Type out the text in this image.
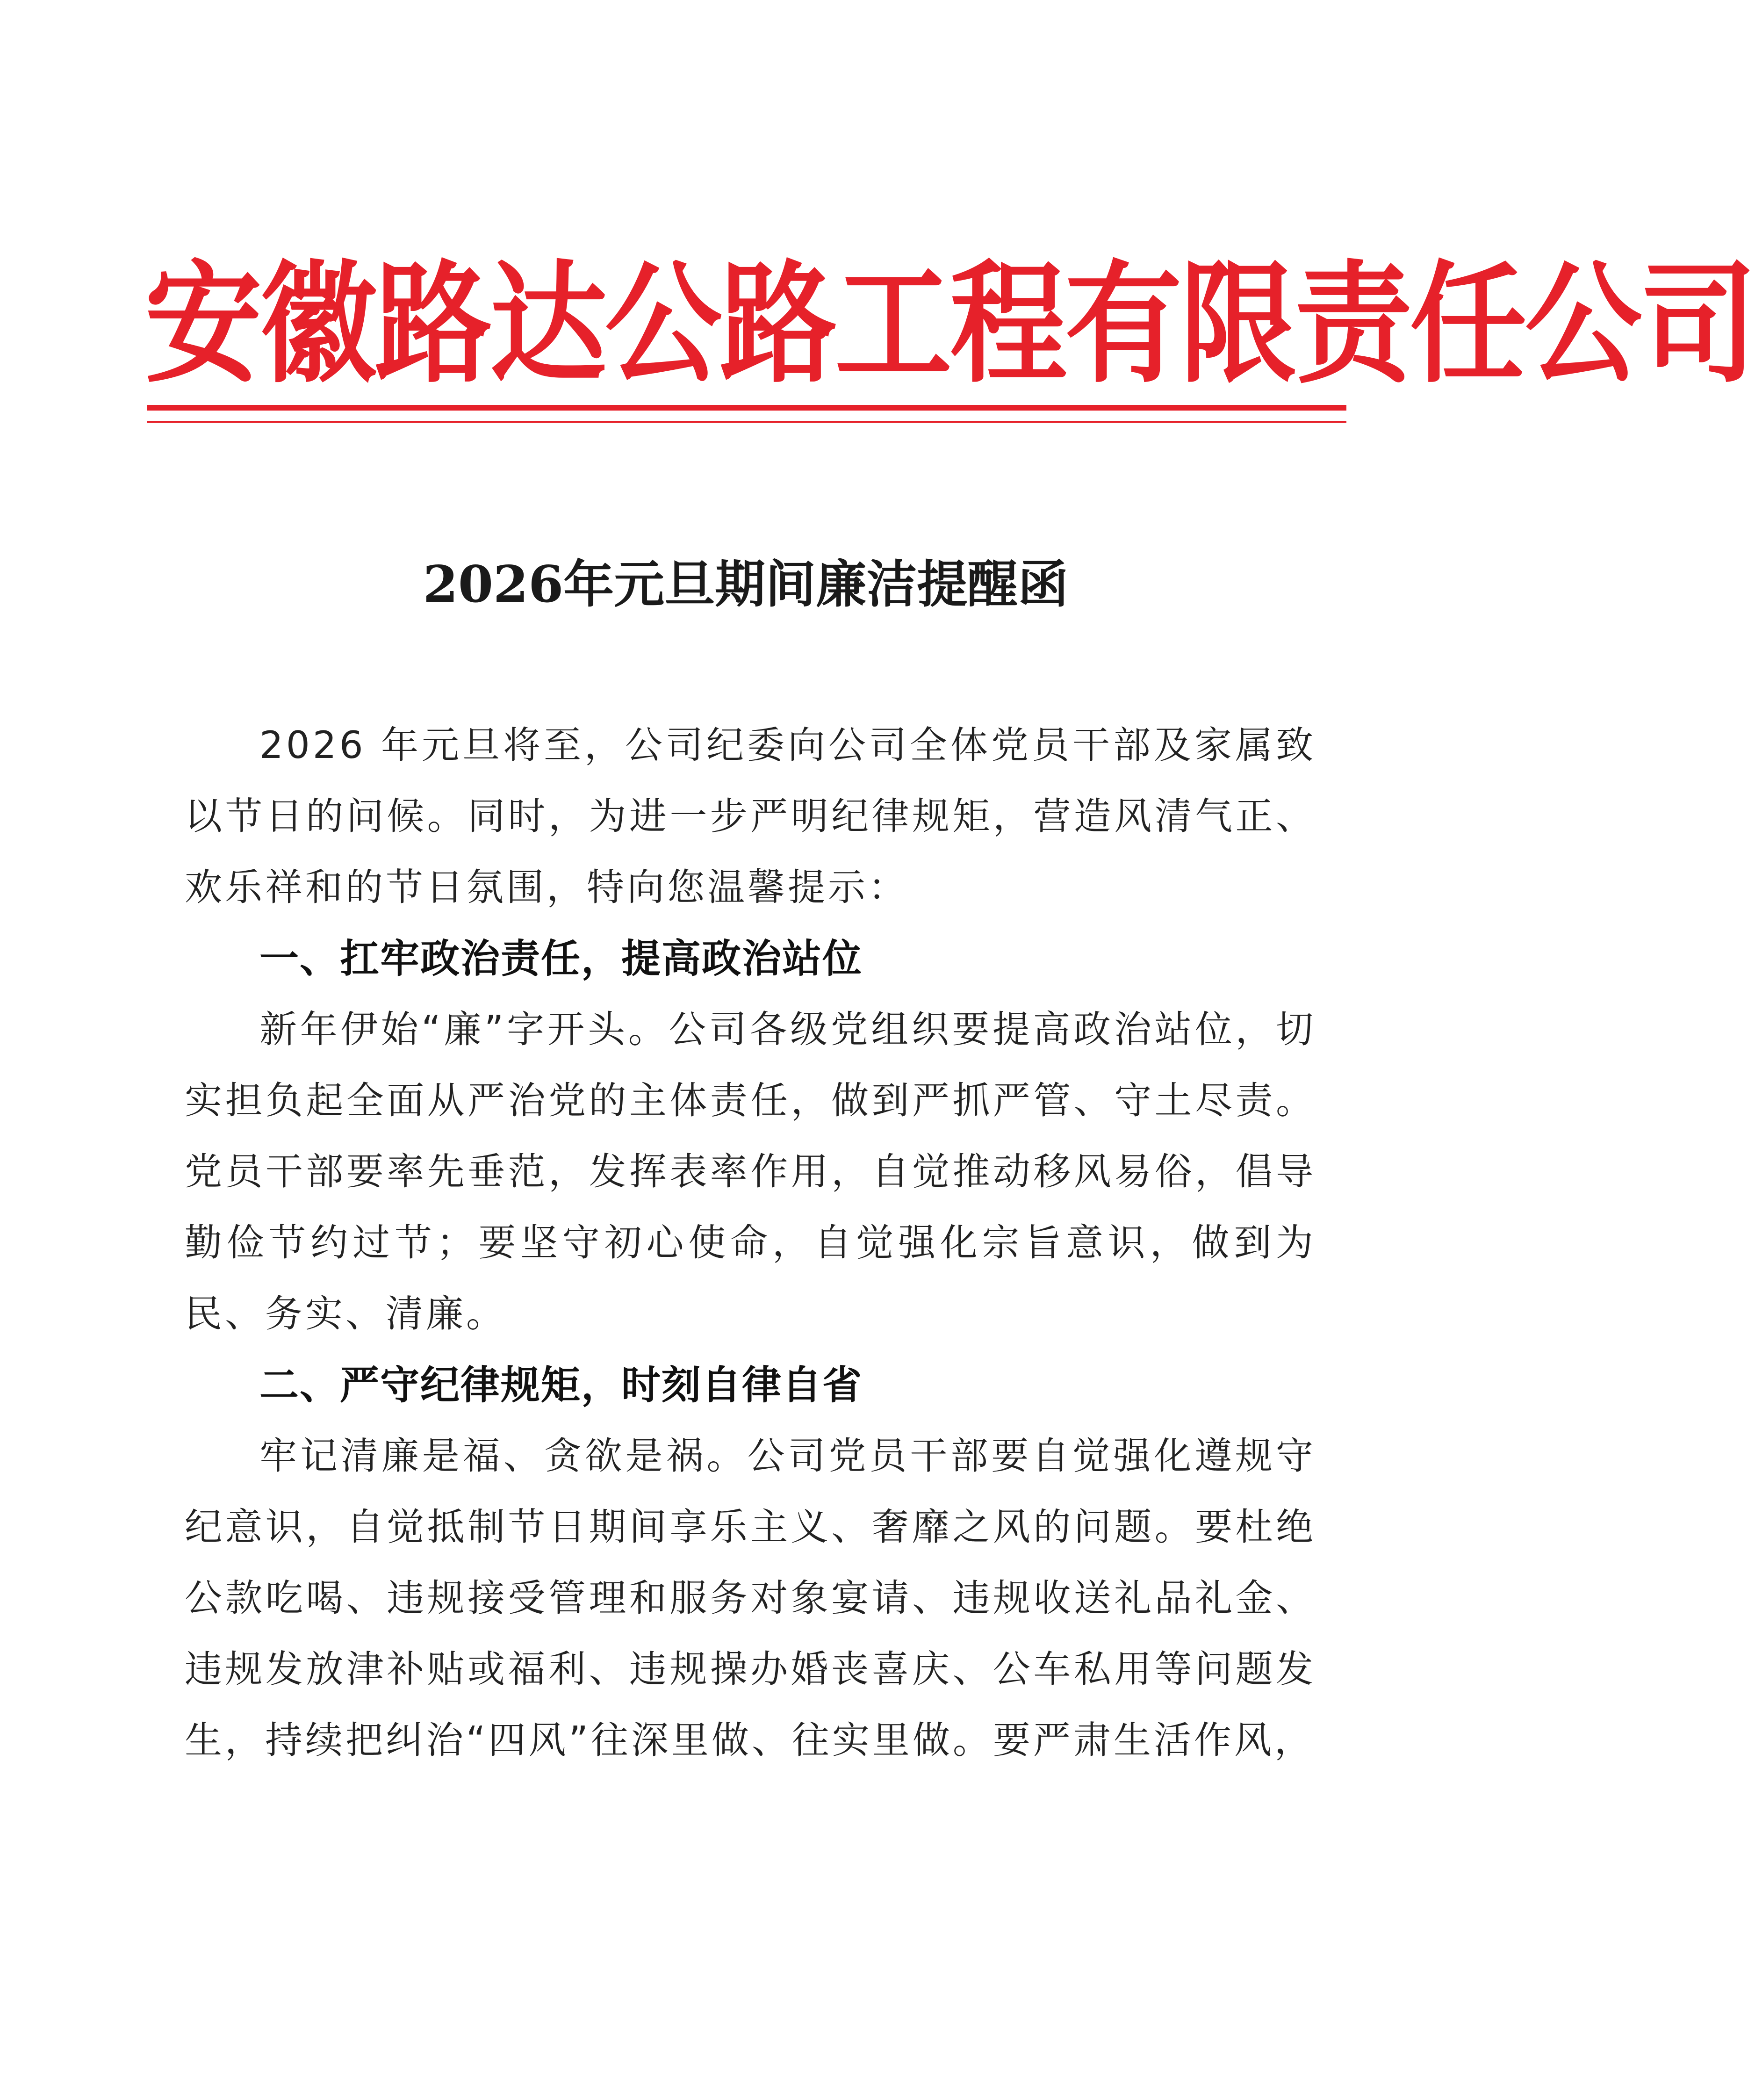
安徽路达公路工程有限责任公司
2026年元旦期间廉洁提醒函

2026 年元旦将至，公司纪委向公司全体党员干部及家属致以节日的问候。同时，为进一步严明纪律规矩，营造风清气正、欢乐祥和的节日氛围，特向您温馨提示：

一、扛牢政治责任，提高政治站位

新年伊始“廉”字开头。公司各级党组织要提高政治站位，切实担负起全面从严治党的主体责任，做到严抓严管、守土尽责。党员干部要率先垂范，发挥表率作用，自觉推动移风易俗，倡导勤俭节约过节；要坚守初心使命，自觉强化宗旨意识，做到为民、务实、清廉。

二、严守纪律规矩，时刻自律自省

牢记清廉是福、贪欲是祸。公司党员干部要自觉强化遵规守纪意识，自觉抵制节日期间享乐主义、奢靡之风的问题。要杜绝公款吃喝、违规接受管理和服务对象宴请、违规收送礼品礼金、违规发放津补贴或福利、违规操办婚丧喜庆、公车私用等问题发生，持续把纠治“四风”往深里做、往实里做。要严肃生活作风，
